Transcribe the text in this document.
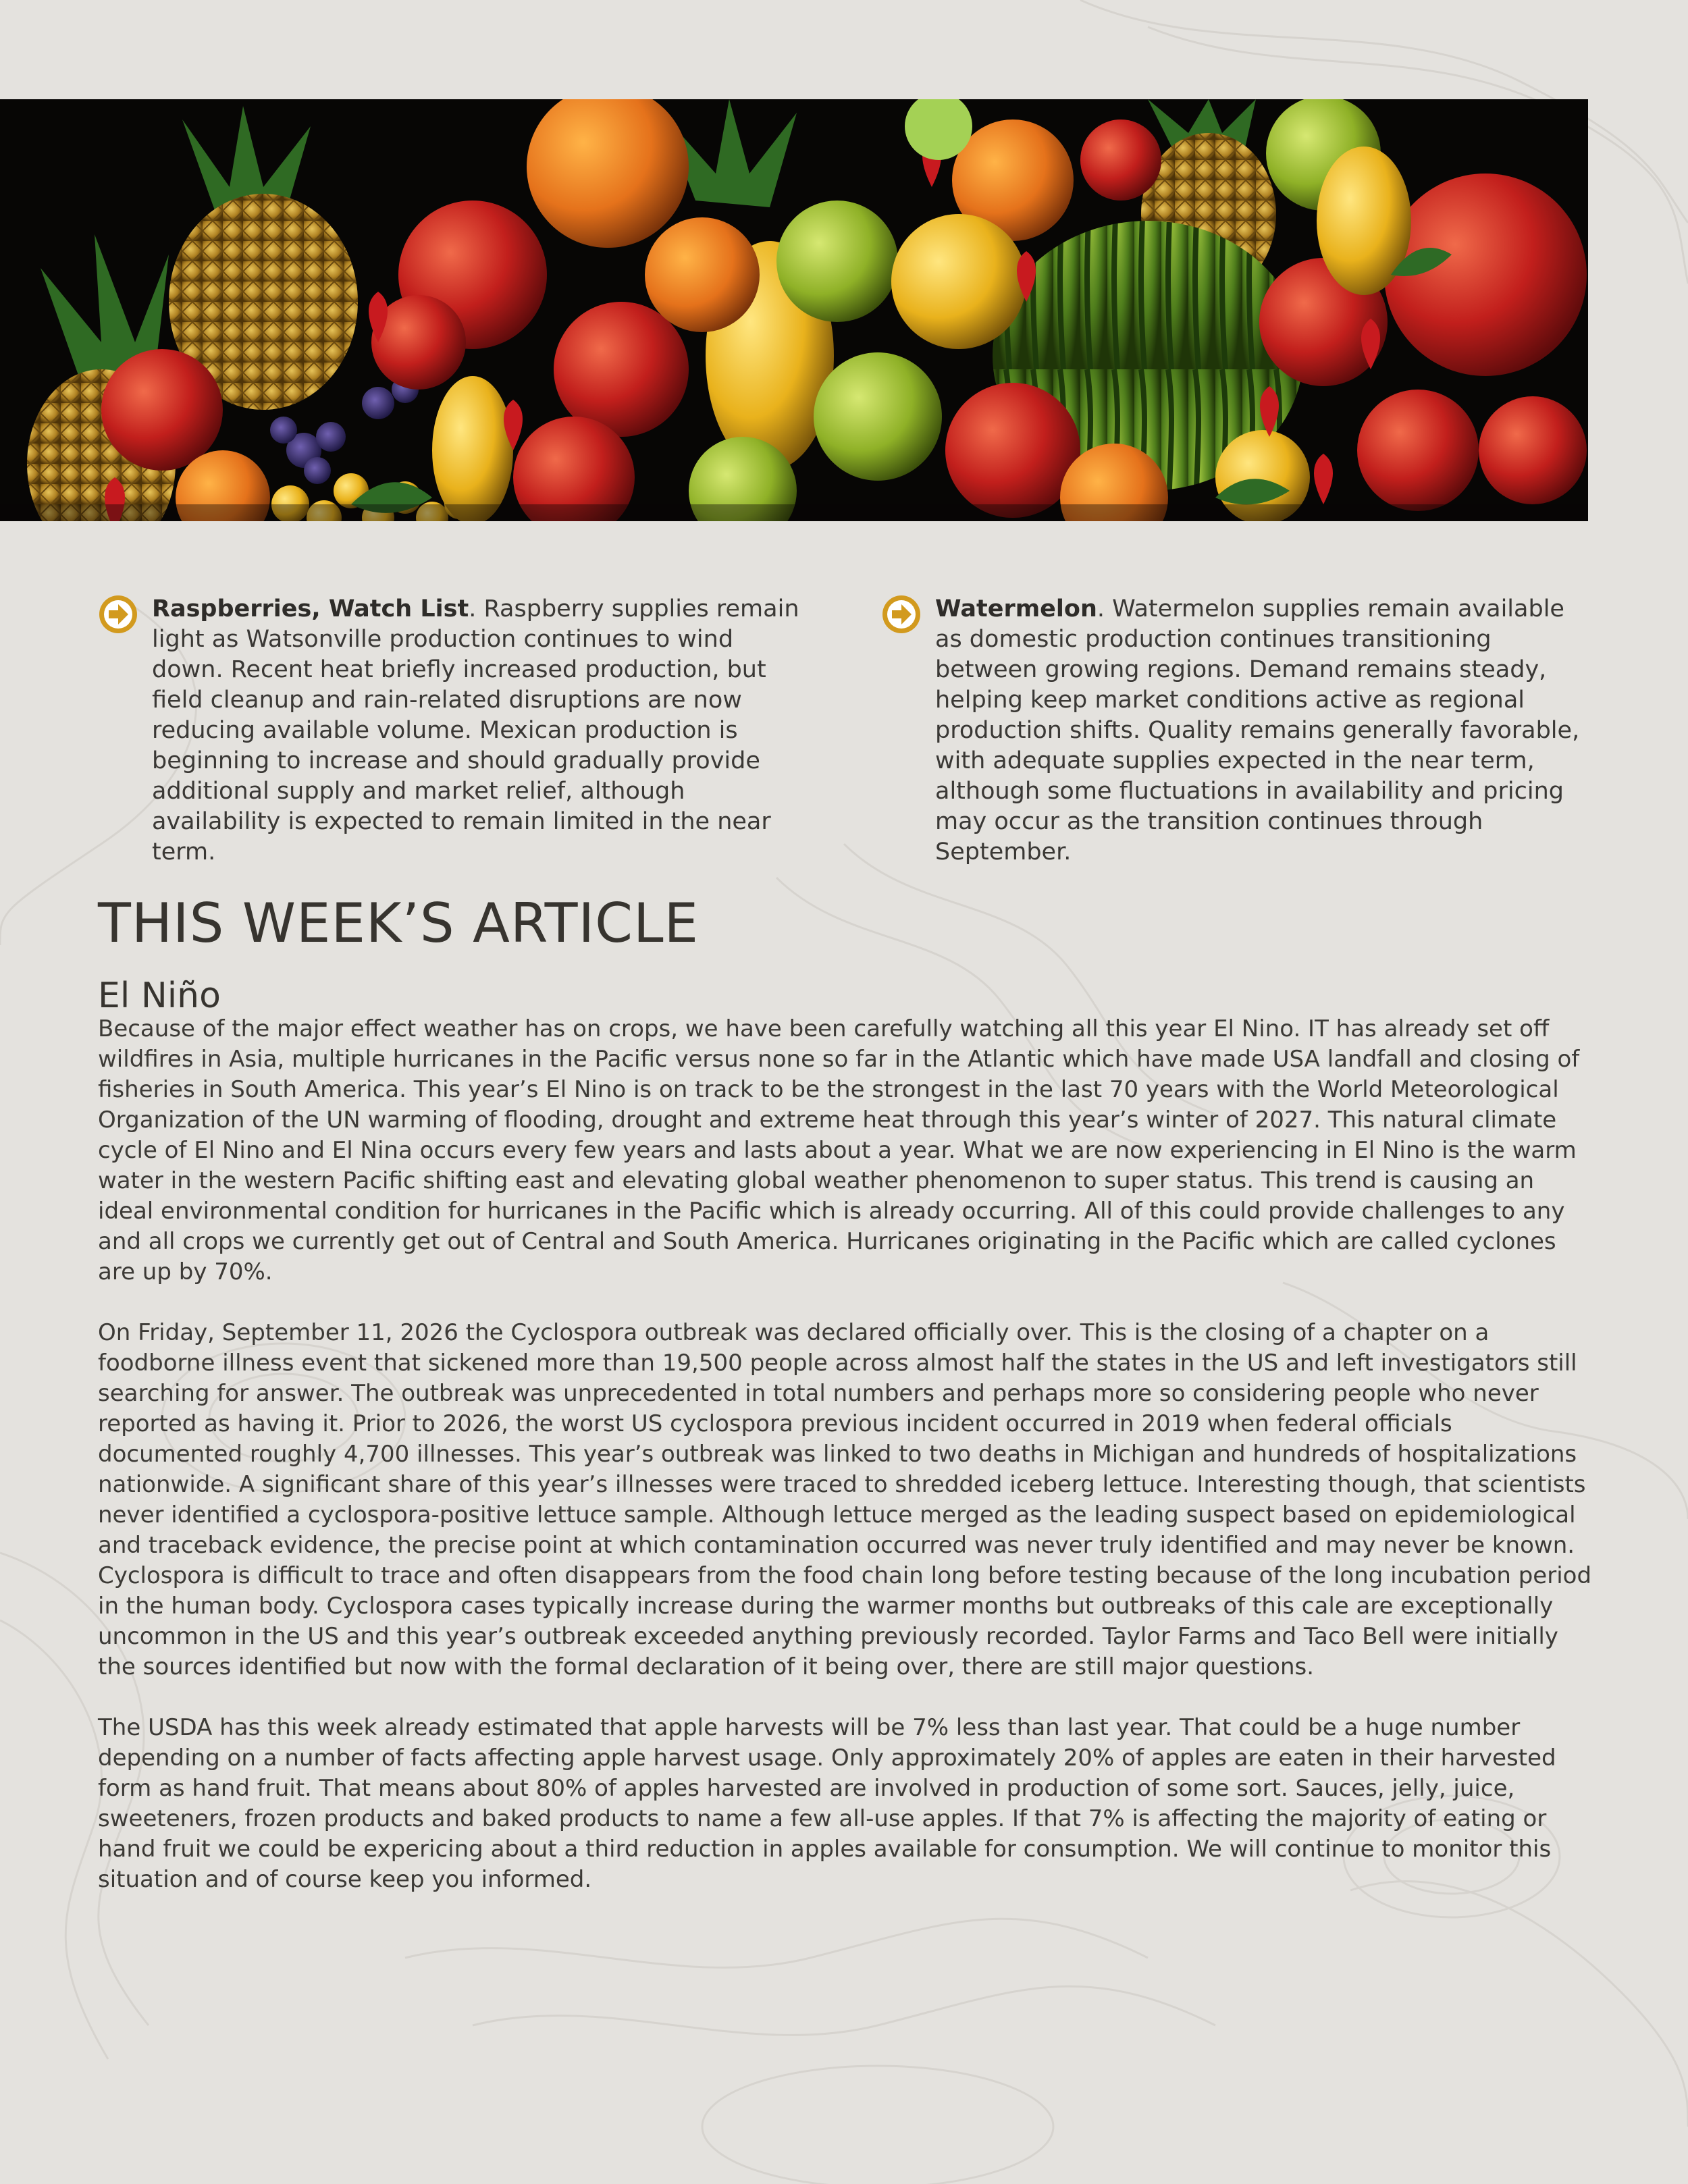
Raspberries, Watch List. Raspberry supplies remain light as Watsonville production continues to wind down. Recent heat briefly increased production, but field cleanup and rain-related disruptions are now reducing available volume. Mexican production is beginning to increase and should gradually provide additional supply and market relief, although availability is expected to remain limited in the near term.
Watermelon. Watermelon supplies remain available as domestic production continues transitioning between growing regions. Demand remains steady, helping keep market conditions active as regional production shifts. Quality remains generally favorable, with adequate supplies expected in the near term, although some fluctuations in availability and pricing may occur as the transition continues through September.
THIS WEEK’S ARTICLE
El Niño

Because of the major effect weather has on crops, we have been carefully watching all this year El Nino. IT has already set off wildfires in Asia, multiple hurricanes in the Pacific versus none so far in the Atlantic which have made USA landfall and closing of fisheries in South America. This year’s El Nino is on track to be the strongest in the last 70 years with the World Meteorological Organization of the UN warming of flooding, drought and extreme heat through this year’s winter of 2027. This natural climate cycle of El Nino and El Nina occurs every few years and lasts about a year. What we are now experiencing in El Nino is the warm water in the western Pacific shifting east and elevating global weather phenomenon to super status. This trend is causing an ideal environmental condition for hurricanes in the Pacific which is already occurring. All of this could provide challenges to any and all crops we currently get out of Central and South America. Hurricanes originating in the Pacific which are called cyclones are up by 70%.

On Friday, September 11, 2026 the Cyclospora outbreak was declared officially over. This is the closing of a chapter on a foodborne illness event that sickened more than 19,500 people across almost half the states in the US and left investigators still searching for answer. The outbreak was unprecedented in total numbers and perhaps more so considering people who never reported as having it. Prior to 2026, the worst US cyclospora previous incident occurred in 2019 when federal officials documented roughly 4,700 illnesses. This year’s outbreak was linked to two deaths in Michigan and hundreds of hospitalizations nationwide. A significant share of this year’s illnesses were traced to shredded iceberg lettuce. Interesting though, that scientists never identified a cyclospora-positive lettuce sample. Although lettuce merged as the leading suspect based on epidemiological and traceback evidence, the precise point at which contamination occurred was never truly identified and may never be known. Cyclospora is difficult to trace and often disappears from the food chain long before testing because of the long incubation period in the human body. Cyclospora cases typically increase during the warmer months but outbreaks of this cale are exceptionally uncommon in the US and this year’s outbreak exceeded anything previously recorded. Taylor Farms and Taco Bell were initially the sources identified but now with the formal declaration of it being over, there are still major questions.

The USDA has this week already estimated that apple harvests will be 7% less than last year. That could be a huge number depending on a number of facts affecting apple harvest usage. Only approximately 20% of apples are eaten in their harvested form as hand fruit. That means about 80% of apples harvested are involved in production of some sort. Sauces, jelly, juice, sweeteners, frozen products and baked products to name a few all-use apples. If that 7% is affecting the majority of eating or hand fruit we could be expericing about a third reduction in apples available for consumption. We will continue to monitor this situation and of course keep you informed.
